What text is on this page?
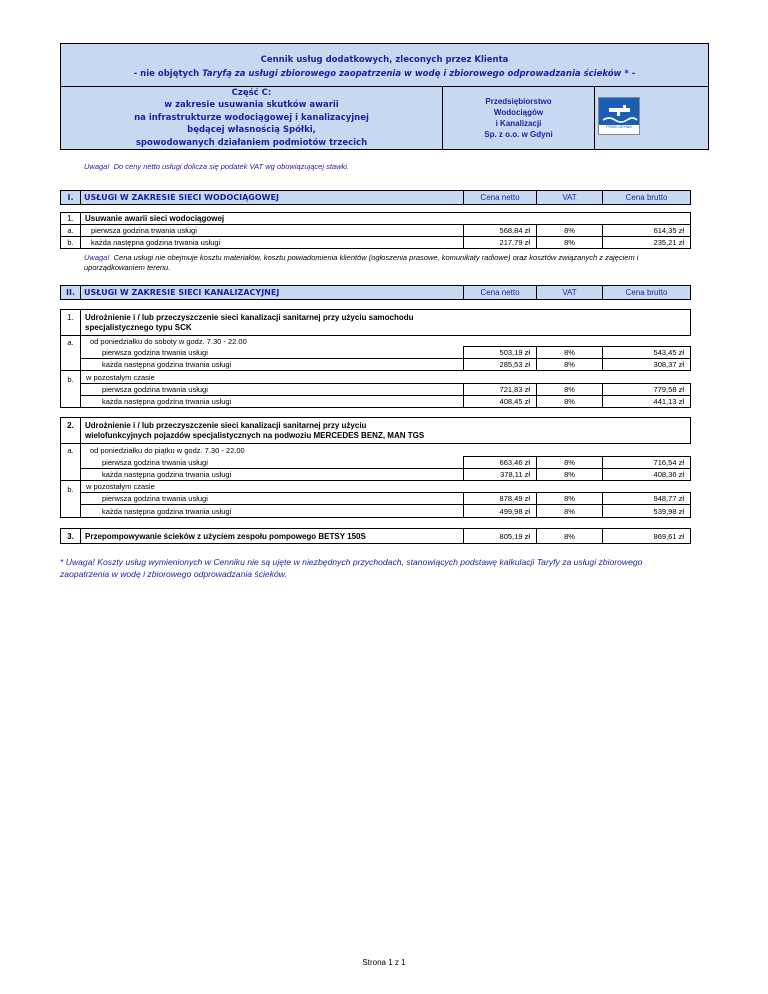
Cennik usług dodatkowych, zleconych przez Klienta
- nie objętych Taryfą za usługi zbiorowego zaopatrzenia w wodę i zbiorowego odprowadzania ścieków * -
Część C:
w zakresie usuwania skutków awarii
na infrastrukturze wodociągowej i kanalizacyjnej
będącej własnością Spółki,
spowodowanych działaniem podmiotów trzecich
Przedsiębiorstwo
Wodociągów
i Kanalizacji
Sp. z o.o. w Gdyni
PEWiK GDYNIA
Uwaga! Do ceny netto usługi dolicza się podatek VAT wg obowiązującej stawki.
I.	USŁUGI W ZAKRESIE SIECI WODOCIĄGOWEJ	Cena netto	VAT	Cena brutto
1.	Usuwanie awarii sieci wodociągowej
a.	pierwsza godzina trwania usługi	568,84 zł	8%	614,35 zł
b.	każda następna godzina trwania usługi	217,79 zł	8%	235,21 zł
Uwaga! Cena usługi nie obejmuje kosztu materiałów, kosztu powiadomienia klientów (ogłoszenia prasowe, komunikaty radiowe) oraz kosztów związanych z zajęciem i
uporządkowaniem terenu.
II.	USŁUGI W ZAKRESIE SIECI KANALIZACYJNEJ	Cena netto	VAT	Cena brutto
1.	Udrożnienie i / lub przeczyszczenie sieci kanalizacji sanitarnej przy użyciu samochodu
specjalistycznego typu SCK
a.	od poniedziałku do soboty w godz. 7.30 - 22.00
pierwsza godzina trwania usługi	503,19 zł	8%	543,45 zł
każda następna godzina trwania usługi	285,53 zł	8%	308,37 zł
b.	w pozostałym czasie
pierwsza godzina trwania usługi	721,83 zł	8%	779,58 zł
każda następna godzina trwania usługi	408,45 zł	8%	441,13 zł
2.	Udrożnienie i / lub przeczyszczenie sieci kanalizacji sanitarnej przy użyciu
wielofunkcyjnych pojazdów specjalistycznych na podwoziu MERCEDES BENZ, MAN TGS
a.	od poniedziałku do piątku w godz. 7.30 - 22.00
pierwsza godzina trwania usługi	663,46 zł	8%	716,54 zł
każda następna godzina trwania usługi	378,11 zł	8%	408,36 zł
b.	w pozostałym czasie
pierwsza godzina trwania usługi	878,49 zł	8%	948,77 zł
każda następna godzina trwania usługi	499,98 zł	8%	539,98 zł
3.	Przepompowywanie ścieków z użyciem zespołu pompowego BETSY 150S	805,19 zł	8%	869,61 zł
* Uwaga! Koszty usług wymienionych w Cenniku nie są ujęte w niezbędnych przychodach, stanowiących podstawę kalkulacji Taryfy za usługi zbiorowego
zaopatrzenia w wodę i zbiorowego odprowadzania ścieków.
Strona 1 z 1
